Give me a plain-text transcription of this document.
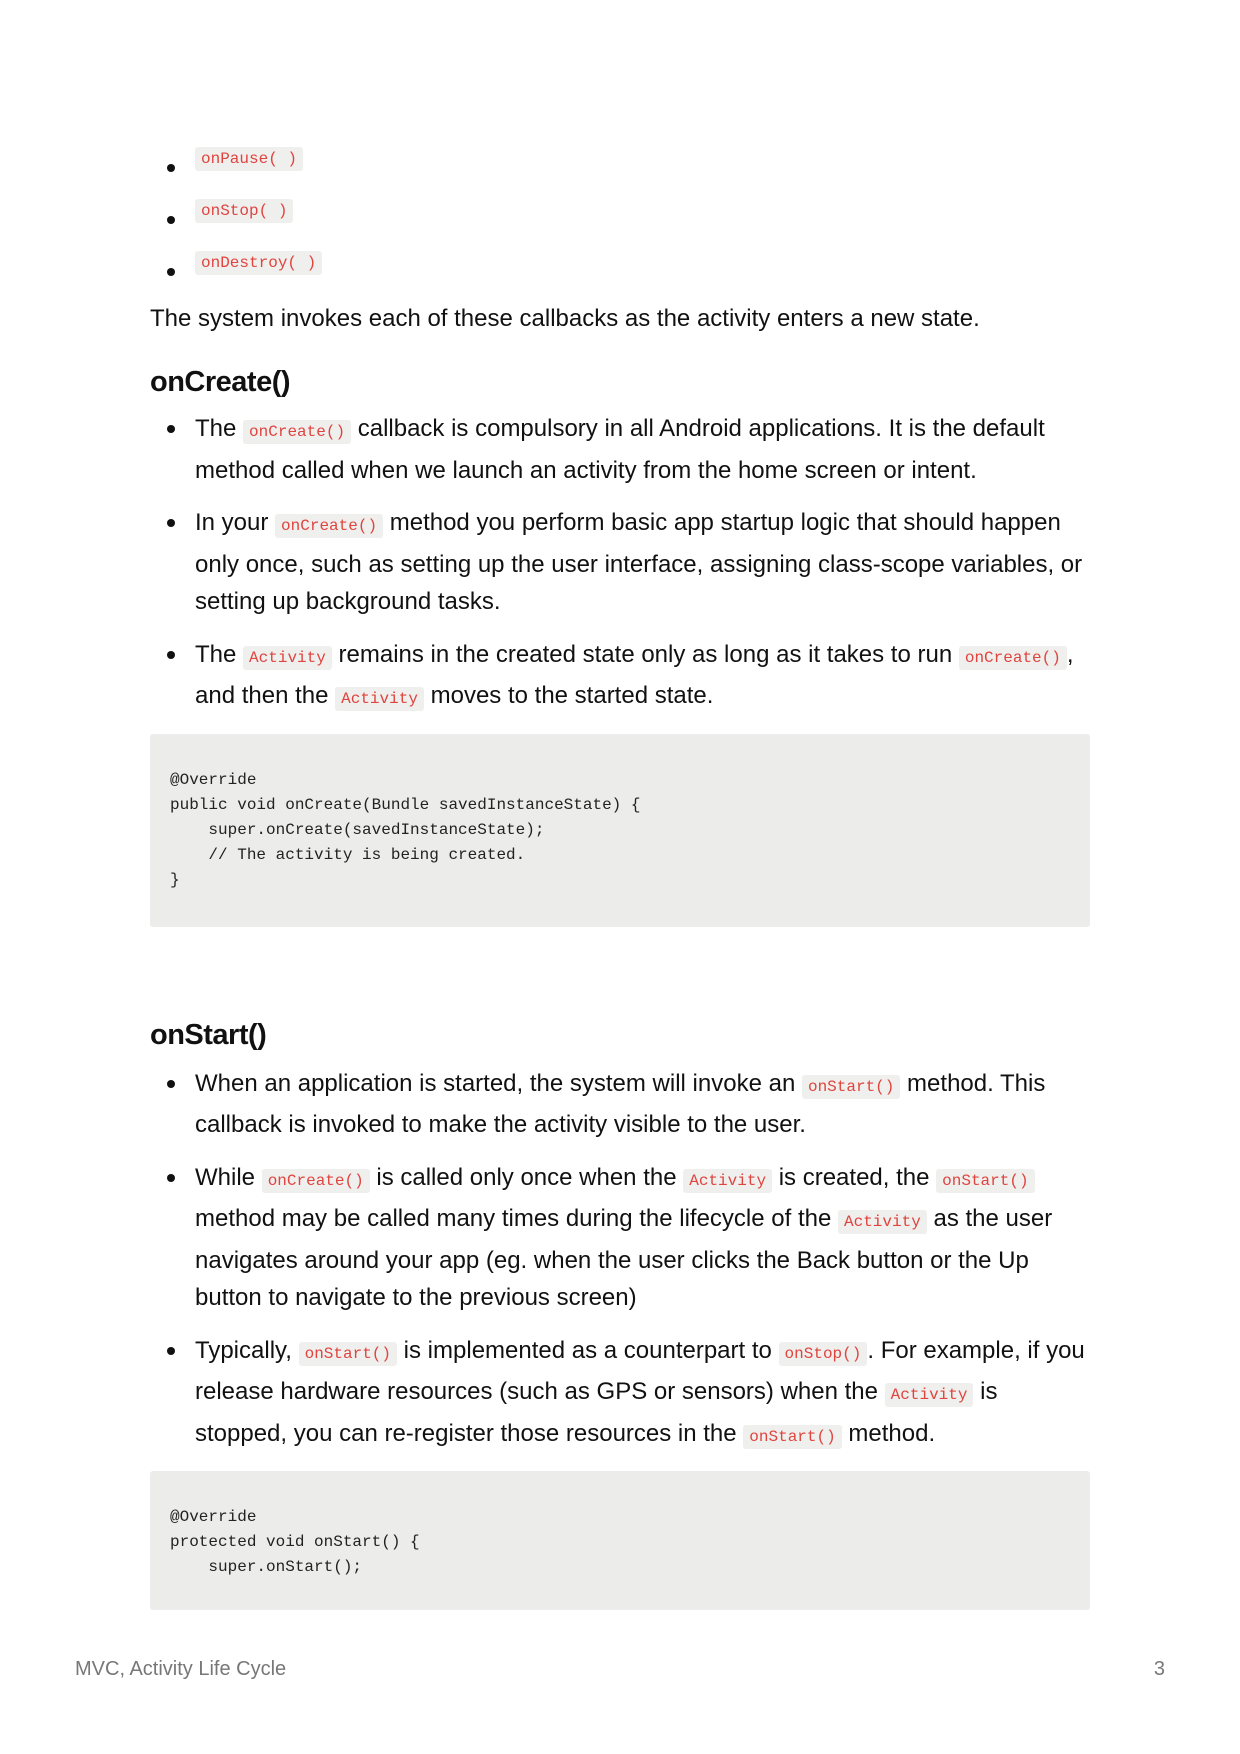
onPause( )
onStop( )
onDestroy( )

The system invokes each of these callbacks as the activity enters a new state.

onCreate()
The onCreate() callback is compulsory in all Android applications. It is the default method called when we launch an activity from the home screen or intent.
In your onCreate() method you perform basic app startup logic that should happen only once, such as setting up the user interface, assigning class-scope variables, or setting up background tasks.
The Activity remains in the created state only as long as it takes to run onCreate() , and then the Activity moves to the started state.
@Override
public void onCreate(Bundle savedInstanceState) {
super.onCreate(savedInstanceState);
// The activity is being created.
}
onStart()
When an application is started, the system will invoke an onStart() method. This callback is invoked to make the activity visible to the user.
While onCreate() is called only once when the Activity is created, the onStart() method may be called many times during the lifecycle of the Activity as the user navigates around your app (eg. when the user clicks the Back button or the Up button to navigate to the previous screen)
Typically, onStart() is implemented as a counterpart to onStop() . For example, if you release hardware resources (such as GPS or sensors) when the Activity is stopped, you can re-register those resources in the onStart() method.
@Override
protected void onStart() {
super.onStart();
MVC, Activity Life Cycle	3
